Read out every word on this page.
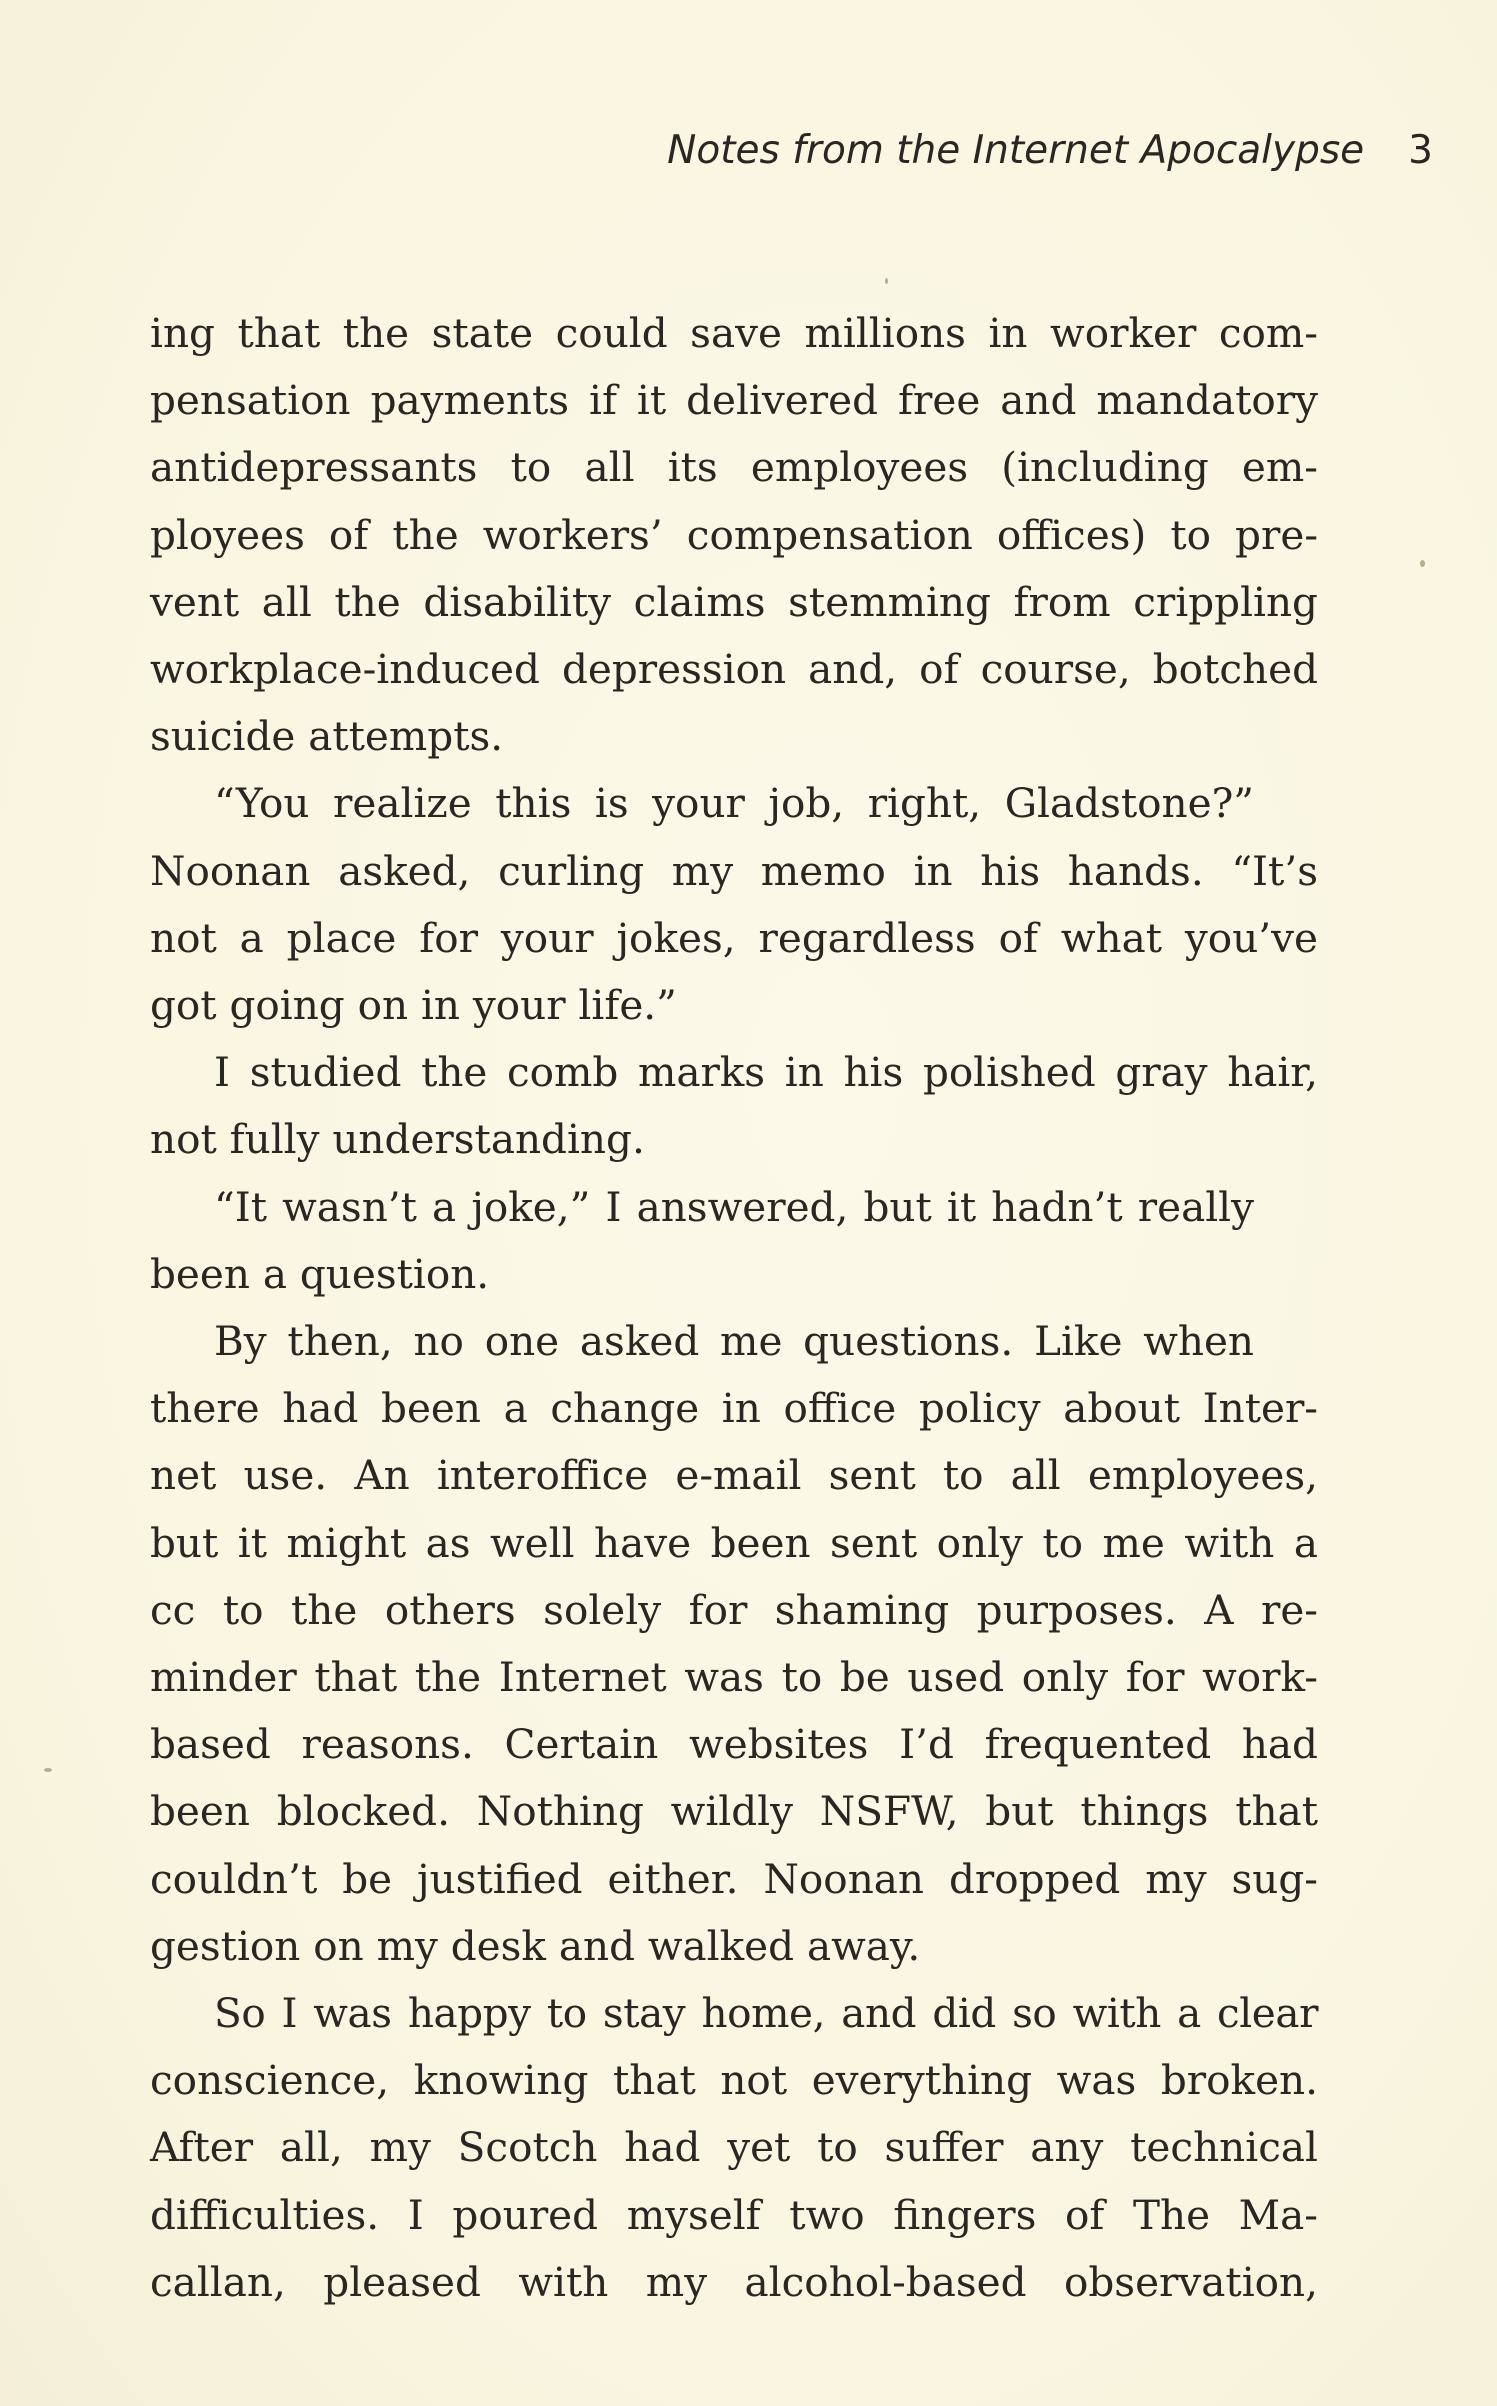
Notes from the Internet Apocalypse 3

ing that the state could save millions in worker com-
pensation payments if it delivered free and mandatory
antidepressants to all its employees (including em-
ployees of the workers’ compensation offices) to pre-
vent all the disability claims stemming from crippling
workplace-induced depression and, of course, botched
suicide attempts.

“You realize this is your job, right, Gladstone?”
Noonan asked, curling my memo in his hands. “It’s
not a place for your jokes, regardless of what you’ve
got going on in your life.”

I studied the comb marks in his polished gray hair,
not fully understanding.

“It wasn’t a joke,” I answered, but it hadn’t really
been a question.

By then, no one asked me questions. Like when
there had been a change in office policy about Inter-
net use. An interoffice e-mail sent to all employees,
but it might as well have been sent only to me with a
cc to the others solely for shaming purposes. A re-
minder that the Internet was to be used only for work-
based reasons. Certain websites I’d frequented had
been blocked. Nothing wildly NSFW, but things that
couldn’t be justified either. Noonan dropped my sug-
gestion on my desk and walked away.

So I was happy to stay home, and did so with a clear
conscience, knowing that not everything was broken.
After all, my Scotch had yet to suffer any technical
difficulties. I poured myself two fingers of The Ma-
callan, pleased with my alcohol-based observation,
